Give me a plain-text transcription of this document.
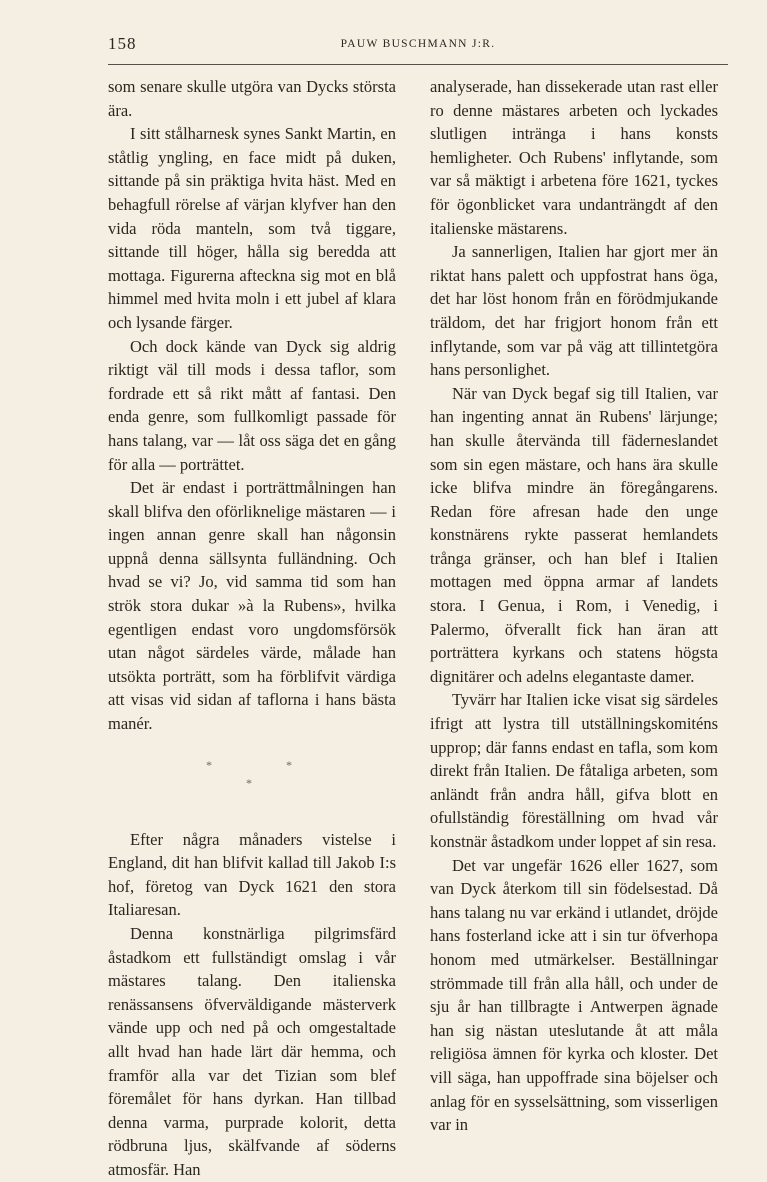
158	PAUW BUSCHMANN J:R.

som senare skulle utgöra van Dycks största ära.

I sitt stålharnesk synes Sankt Martin, en ståtlig yngling, en face midt på duken, sittande på sin präktiga hvita häst. Med en behagfull rörelse af värjan klyfver han den vida röda manteln, som två tiggare, sittande till höger, hålla sig beredda att mottaga. Figurerna afteckna sig mot en blå himmel med hvita moln i ett jubel af klara och lysande färger.

Och dock kände van Dyck sig aldrig riktigt väl till mods i dessa taflor, som fordrade ett så rikt mått af fantasi. Den enda genre, som fullkomligt passade för hans talang, var — låt oss säga det en gång för alla — porträttet.

Det är endast i porträttmålningen han skall blifva den oförliknelige mästaren — i ingen annan genre skall han någonsin uppnå denna sällsynta fulländning. Och hvad se vi? Jo, vid samma tid som han strök stora dukar »à la Rubens», hvilka egentligen endast voro ungdomsförsök utan något särdeles värde, målade han utsökta porträtt, som ha förblifvit värdiga att visas vid sidan af taflorna i hans bästa manér.

*	*
*

Efter några månaders vistelse i England, dit han blifvit kallad till Jakob I:s hof, företog van Dyck 1621 den stora Italiaresan.

Denna konstnärliga pilgrimsfärd åstadkom ett fullständigt omslag i vår mästares talang. Den italienska renässansens öfverväldigande mästerverk vände upp och ned på och omgestaltade allt hvad han hade lärt där hemma, och framför alla var det Tizian som blef föremålet för hans dyrkan. Han tillbad denna varma, purprade kolorit, detta rödbruna ljus, skälfvande af söderns atmosfär. Han

analyserade, han dissekerade utan rast eller ro denne mästares arbeten och lyckades slutligen intränga i hans konsts hemligheter. Och Rubens' inflytande, som var så mäktigt i arbetena före 1621, tyckes för ögonblicket vara undanträngdt af den italienske mästarens.

Ja sannerligen, Italien har gjort mer än riktat hans palett och uppfostrat hans öga, det har löst honom från en förödmjukande träldom, det har frigjort honom från ett inflytande, som var på väg att tillintetgöra hans personlighet.

När van Dyck begaf sig till Italien, var han ingenting annat än Rubens' lärjunge; han skulle återvända till fäderneslandet som sin egen mästare, och hans ära skulle icke blifva mindre än föregångarens. Redan före afresan hade den unge konstnärens rykte passerat hemlandets trånga gränser, och han blef i Italien mottagen med öppna armar af landets stora. I Genua, i Rom, i Venedig, i Palermo, öfverallt fick han äran att porträttera kyrkans och statens högsta dignitärer och adelns elegantaste damer.

Tyvärr har Italien icke visat sig särdeles ifrigt att lystra till utställningskomiténs upprop; där fanns endast en tafla, som kom direkt från Italien. De fåtaliga arbeten, som anländt från andra håll, gifva blott en ofullständig föreställning om hvad vår konstnär åstadkom under loppet af sin resa.

Det var ungefär 1626 eller 1627, som van Dyck återkom till sin födelsestad. Då hans talang nu var erkänd i utlandet, dröjde hans fosterland icke att i sin tur öfverhopa honom med utmärkelser. Beställningar strömmade till från alla håll, och under de sju år han tillbragte i Antwerpen ägnade han sig nästan uteslutande åt att måla religiösa ämnen för kyrka och kloster. Det vill säga, han uppoffrade sina böjelser och anlag för en sysselsättning, som visserligen var in
